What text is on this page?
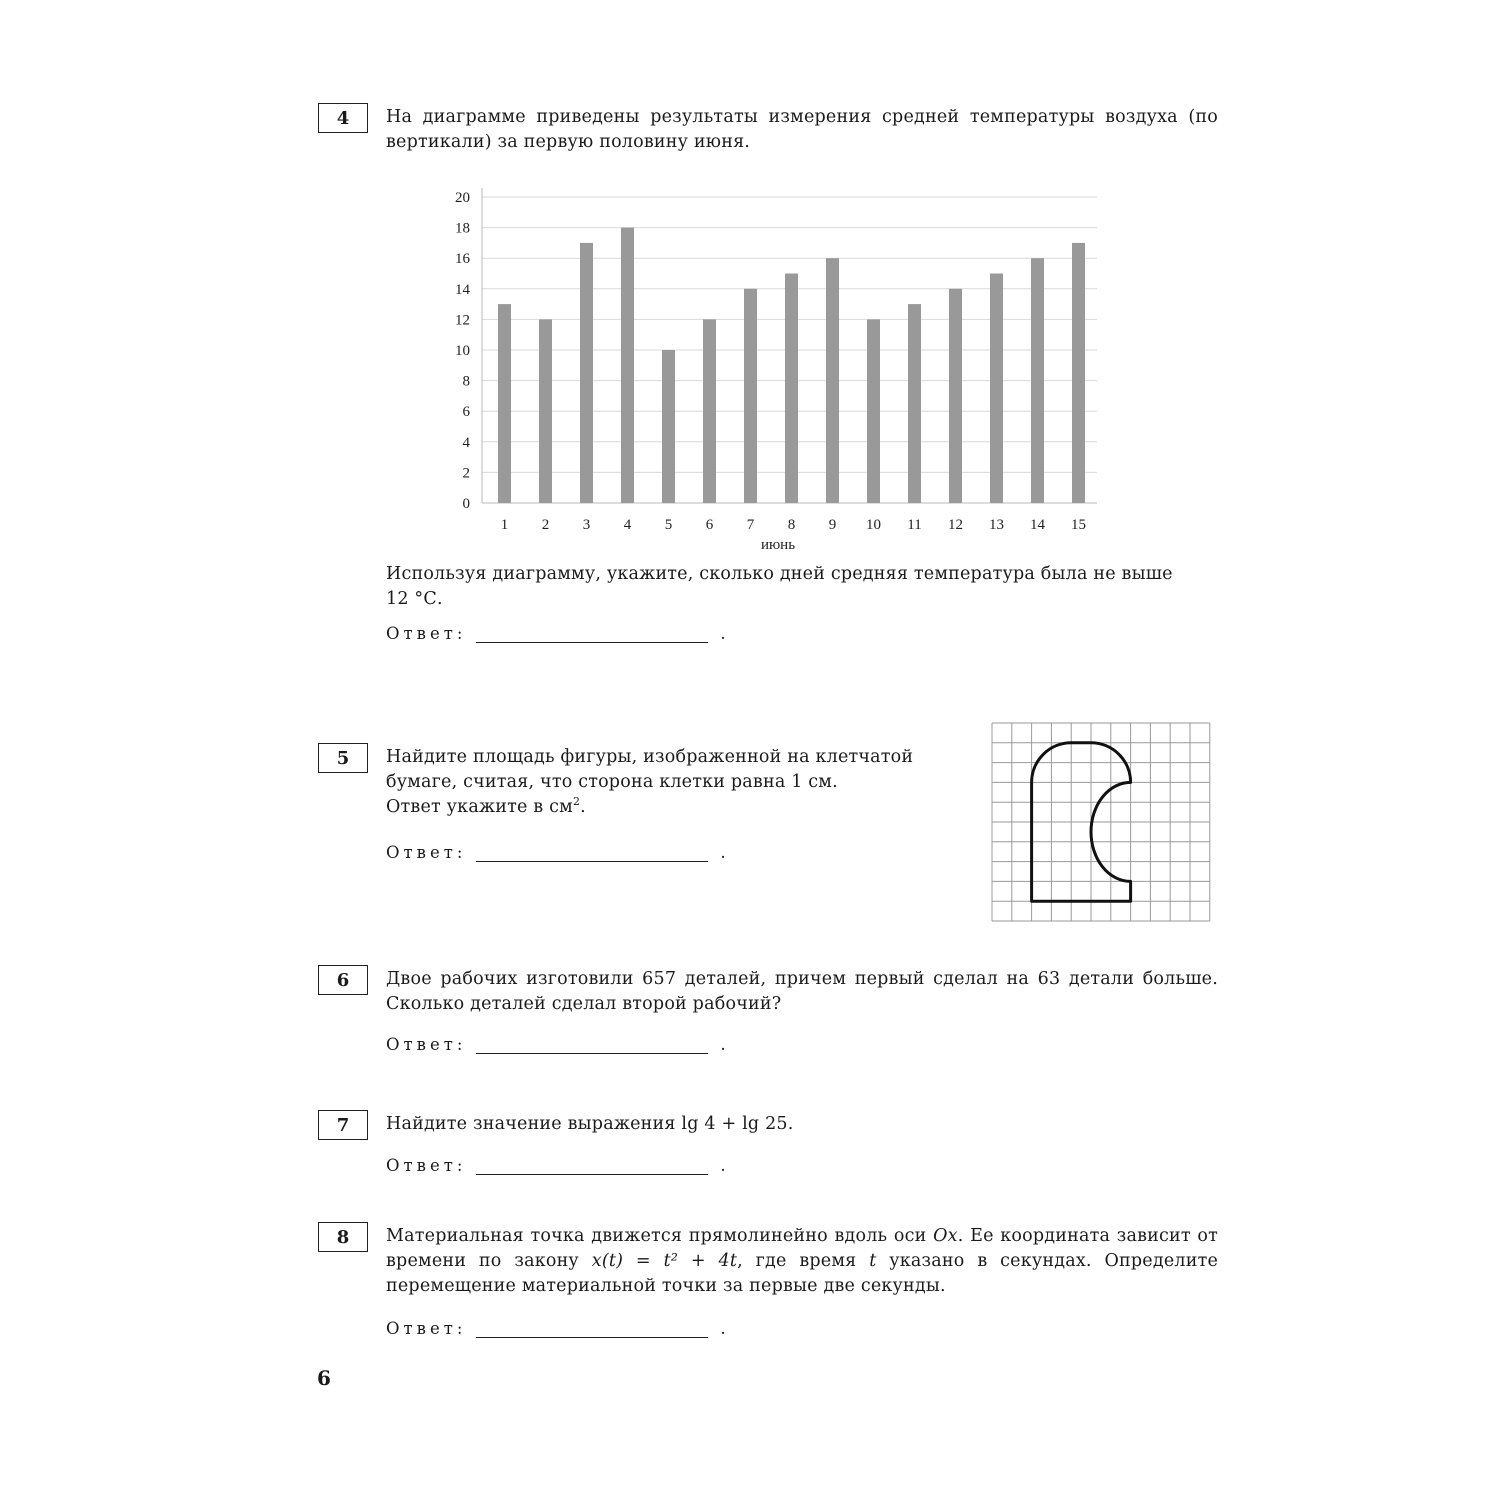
4	На диаграмме приведены результаты измерения средней температуры воздуха (по вертикали) за первую половину июня.
0
2
4
6
8
10
12
14
16
18
20
1 2 3 4 5 6 7 8 9 10 11 12 13 14 15
июнь
Используя диаграмму, укажите, сколько дней средняя температура была не выше
12 °С.
Ответ:	.
5	Найдите площадь фигуры, изображенной на клетчатой
бумаге, считая, что сторона клетки равна 1 см.
Ответ укажите в $см^2$.
Ответ:	.
6	Двое рабочих изготовили 657 деталей, причем первый сделал на 63 детали больше. Сколько деталей сделал второй рабочий?
Ответ:	.
7	Найдите значение выражения lg 4 + lg 25.
Ответ:	.
8	Материальная точка движется прямолинейно вдоль оси Ox. Ее координата зависит от времени по закону x(t) = t² + 4t, где время t указано в секундах. Определите перемещение материальной точки за первые две секунды.
Ответ:	.
6
